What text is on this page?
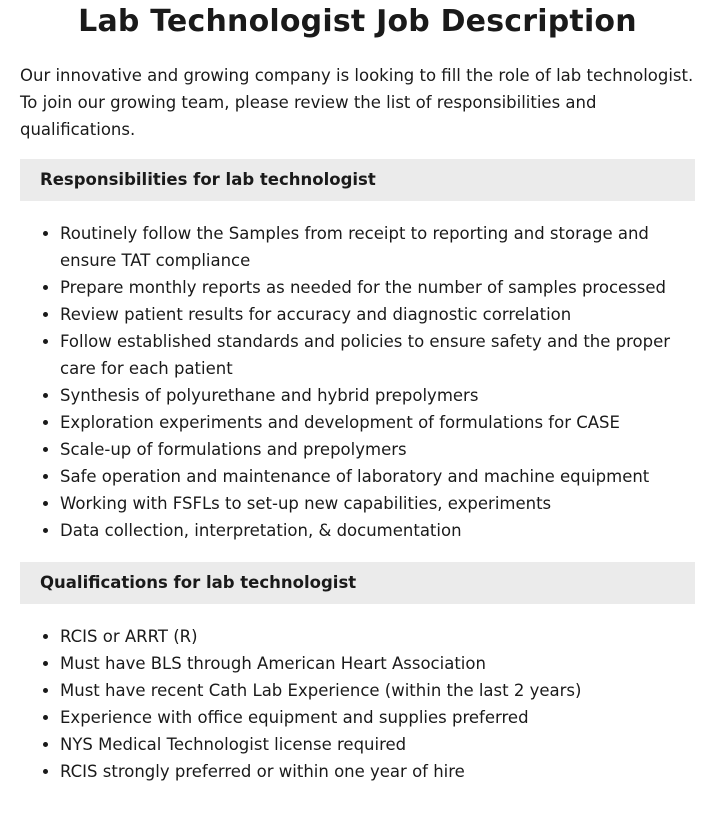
Lab Technologist Job Description

Our innovative and growing company is looking to fill the role of lab technologist. To join our growing team, please review the list of responsibilities and qualifications.

Responsibilities for lab technologist
• Routinely follow the Samples from receipt to reporting and storage and ensure TAT compliance
• Prepare monthly reports as needed for the number of samples processed
• Review patient results for accuracy and diagnostic correlation
• Follow established standards and policies to ensure safety and the proper care for each patient
• Synthesis of polyurethane and hybrid prepolymers
• Exploration experiments and development of formulations for CASE
• Scale-up of formulations and prepolymers
• Safe operation and maintenance of laboratory and machine equipment
• Working with FSFLs to set-up new capabilities, experiments
• Data collection, interpretation, & documentation
Qualifications for lab technologist
• RCIS or ARRT (R)
• Must have BLS through American Heart Association
• Must have recent Cath Lab Experience (within the last 2 years)
• Experience with office equipment and supplies preferred
• NYS Medical Technologist license required
• RCIS strongly preferred or within one year of hire
